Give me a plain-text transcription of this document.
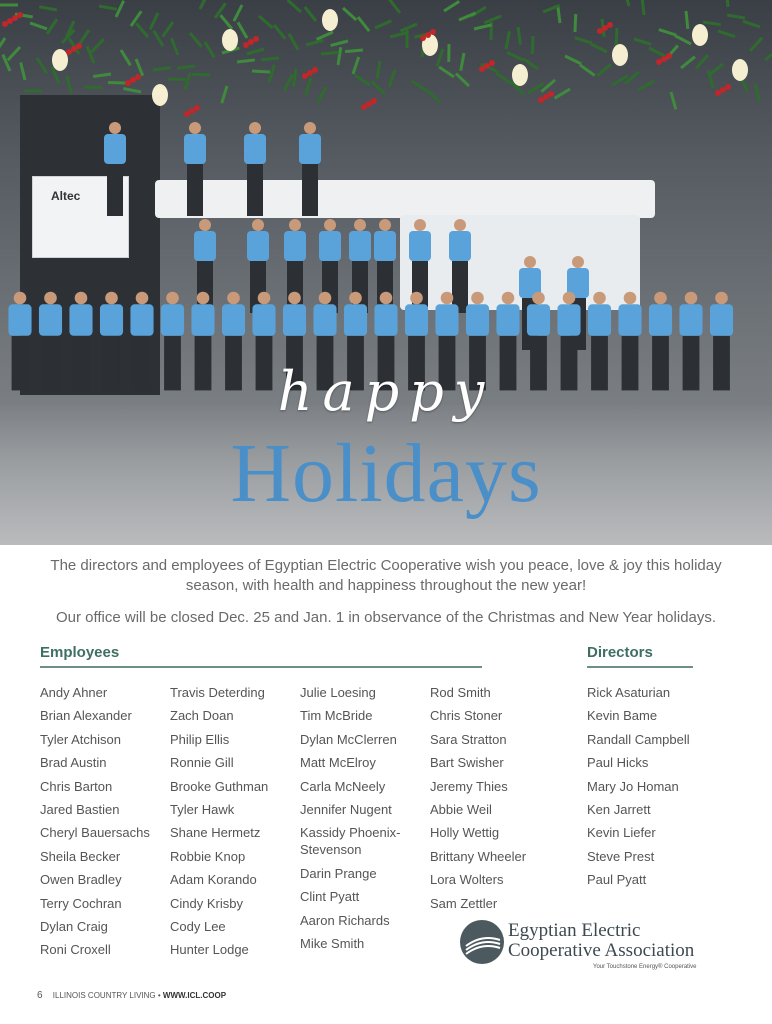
Altec
happy
Holidays
The directors and employees of Egyptian Electric Cooperative wish you peace, love & joy this holiday season, with health and happiness throughout the new year!
Our office will be closed Dec. 25 and Jan. 1 in observance of the Christmas and New Year holidays.
Employees	Directors
Andy Ahner
Brian Alexander
Tyler Atchison
Brad Austin
Chris Barton
Jared Bastien
Cheryl Bauersachs
Sheila Becker
Owen Bradley
Terry Cochran
Dylan Craig
Roni Croxell
Travis Deterding
Zach Doan
Philip Ellis
Ronnie Gill
Brooke Guthman
Tyler Hawk
Shane Hermetz
Robbie Knop
Adam Korando
Cindy Krisby
Cody Lee
Hunter Lodge
Julie Loesing
Tim McBride
Dylan McClerren
Matt McElroy
Carla McNeely
Jennifer Nugent
Kassidy Phoenix-Stevenson
Darin Prange
Clint Pyatt
Aaron Richards
Mike Smith
Rod Smith
Chris Stoner
Sara Stratton
Bart Swisher
Jeremy Thies
Abbie Weil
Holly Wettig
Brittany Wheeler
Lora Wolters
Sam Zettler
Rick Asaturian
Kevin Bame
Randall Campbell
Paul Hicks
Mary Jo Homan
Ken Jarrett
Kevin Liefer
Steve Prest
Paul Pyatt
Egyptian Electric
Cooperative Association
Your Touchstone Energy® Cooperative
6 ILLINOIS COUNTRY LIVING • WWW.ICL.COOP
